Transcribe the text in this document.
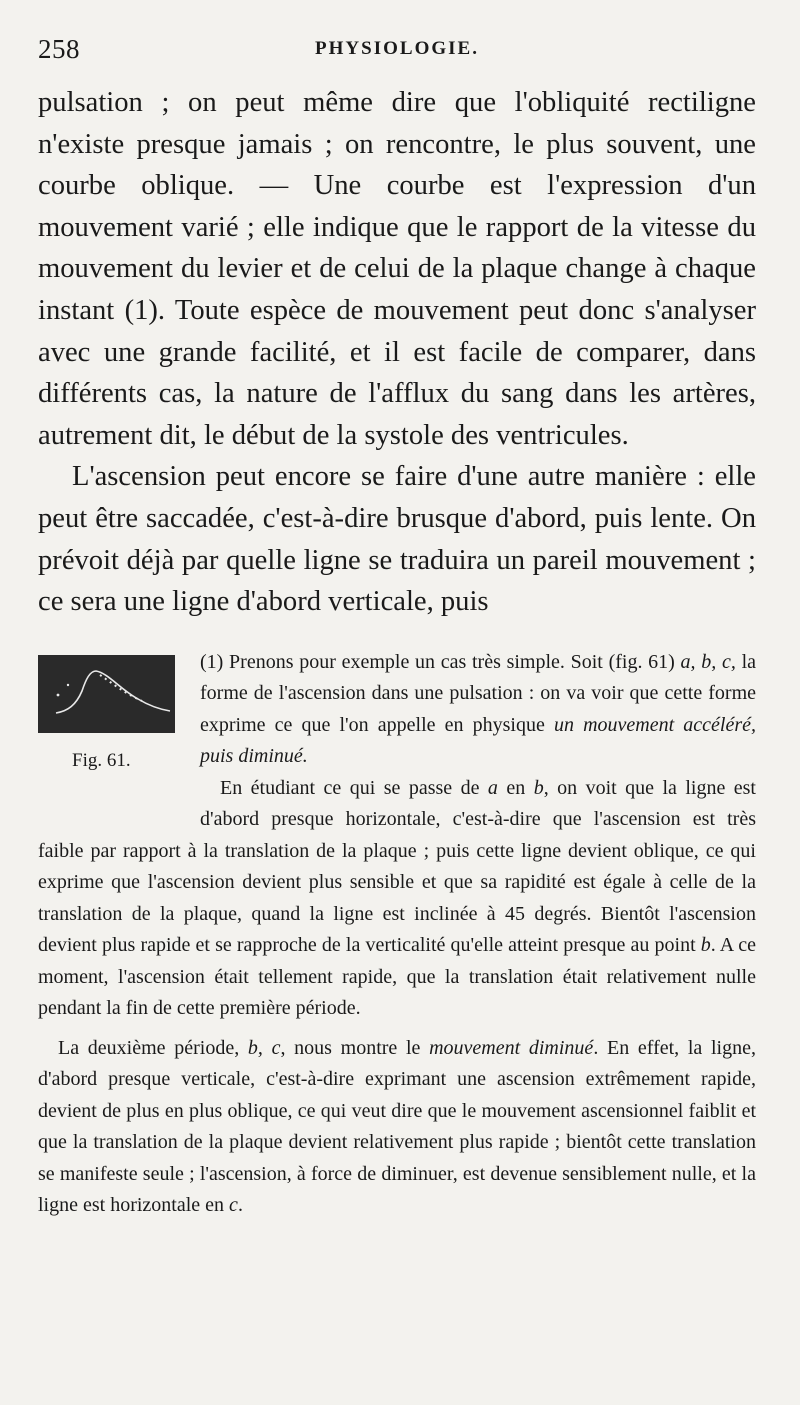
258	PHYSIOLOGIE.

pulsation ; on peut même dire que l'obliquité rectiligne n'existe presque jamais ; on rencontre, le plus souvent, une courbe oblique. — Une courbe est l'expression d'un mouvement varié ; elle indique que le rapport de la vitesse du mouvement du levier et de celui de la plaque change à chaque instant (1). Toute espèce de mouvement peut donc s'analyser avec une grande facilité, et il est facile de comparer, dans différents cas, la nature de l'afflux du sang dans les artères, autrement dit, le début de la systole des ventricules.

L'ascension peut encore se faire d'une autre manière : elle peut être saccadée, c'est-à-dire brusque d'abord, puis lente. On prévoit déjà par quelle ligne se traduira un pareil mouvement ; ce sera une ligne d'abord verticale, puis

Fig. 61.

(1) Prenons pour exemple un cas très simple. Soit (fig. 61) a, b, c, la forme de l'ascension dans une pulsation : on va voir que cette forme exprime ce que l'on appelle en physique un mouvement accéléré, puis diminué.

En étudiant ce qui se passe de a en b, on voit que la ligne est d'abord presque horizontale, c'est-à-dire que l'ascension est très faible par rapport à la translation de la plaque ; puis cette ligne devient oblique, ce qui exprime que l'ascension devient plus sensible et que sa rapidité est égale à celle de la translation de la plaque, quand la ligne est inclinée à 45 degrés. Bientôt l'ascension devient plus rapide et se rapproche de la verticalité qu'elle atteint presque au point b. A ce moment, l'ascension était tellement rapide, que la translation était relativement nulle pendant la fin de cette première période.

La deuxième période, b, c, nous montre le mouvement diminué. En effet, la ligne, d'abord presque verticale, c'est-à-dire exprimant une ascension extrêmement rapide, devient de plus en plus oblique, ce qui veut dire que le mouvement ascensionnel faiblit et que la translation de la plaque devient relativement plus rapide ; bientôt cette translation se manifeste seule ; l'ascension, à force de diminuer, est devenue sensiblement nulle, et la ligne est horizontale en c.
